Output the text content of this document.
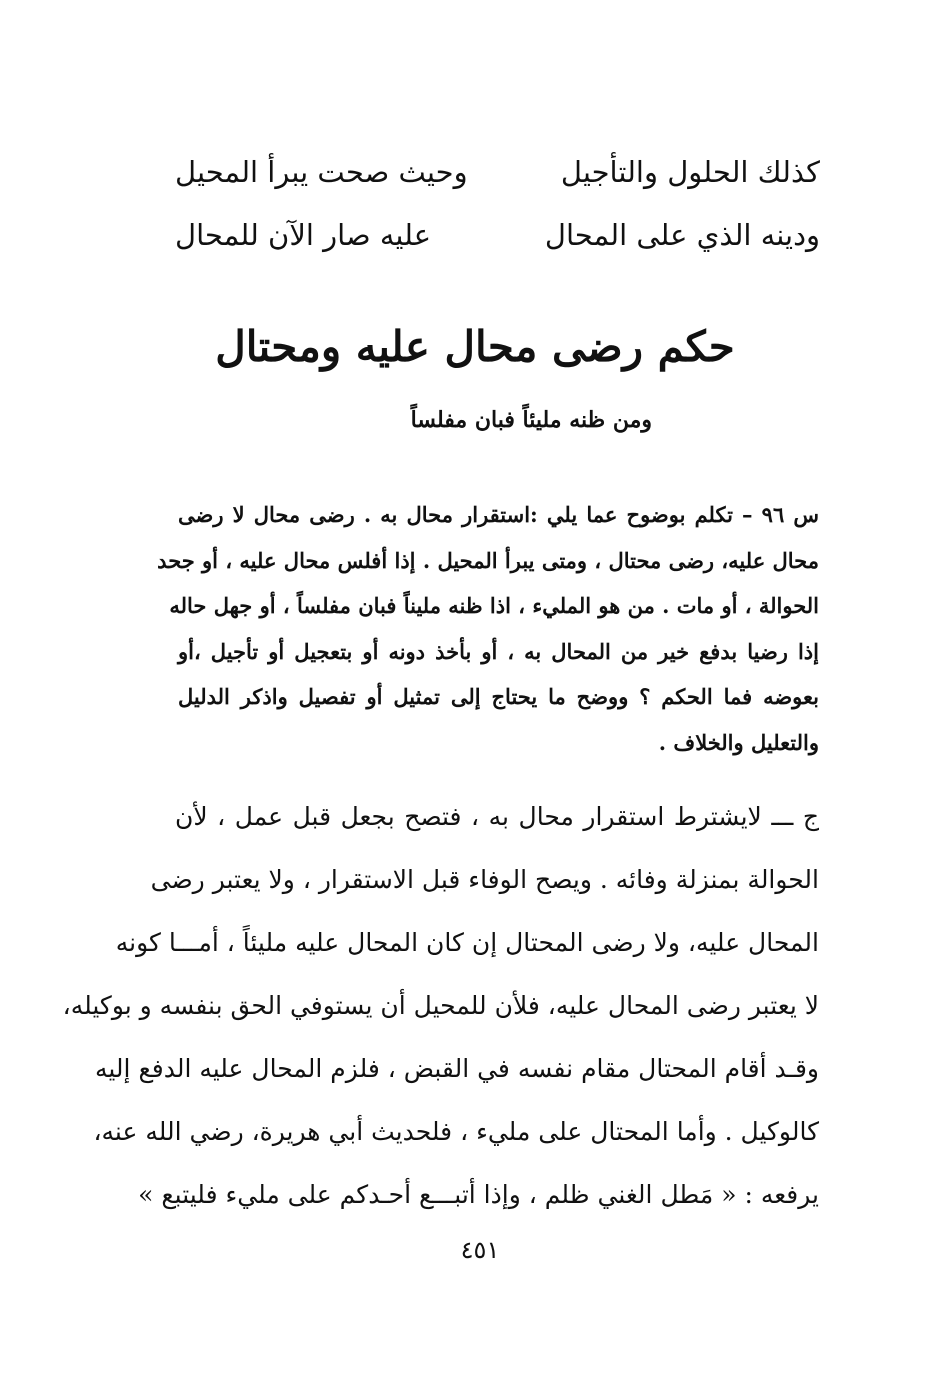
كذلك الحلول والتأجيل
وحيث صحت يبرأ المحيل
ودينه الذي على المحال
عليه صار الآن للمحال
حكم رضى محال عليه ومحتال
ومن ظنه مليئاً فبان مفلساً
س ٩٦ – تكلم بوضوح عما يلي :استقرار محال به . رضى محال لا رضى
محال عليه، رضى محتال ، ومتى يبرأ المحيل . إذا أفلس محال عليه ، أو جحد
الحوالة ، أو مات . من هو المليء ، اذا ظنه مليناً فبان مفلساً ، أو جهل حاله
إذا رضيا بدفع خير من المحال به ، أو بأخذ دونه أو بتعجيل أو تأجيل ،أو
بعوضه فما الحكم ؟ ووضح ما يحتاج إلى تمثيل أو تفصيل واذكر الدليل
والتعليل والخلاف .
ج ـــ لايشترط استقرار محال به ، فتصح بجعل قبل عمل ، لأن
الحوالة بمنزلة وفائه . ويصح الوفاء قبل الاستقرار ، ولا يعتبر رضى
المحال عليه، ولا رضى المحتال إن كان المحال عليه مليئاً ، أمـــا كونه
لا يعتبر رضى المحال عليه، فلأن للمحيل أن يستوفي الحق بنفسه و بوكيله،
وقـد أقام المحتال مقام نفسه في القبض ، فلزم المحال عليه الدفع إليه
كالوكيل . وأما المحتال على مليء ، فلحديث أبي هريرة، رضي الله عنه،
يرفعه : « مَطل الغني ظلم ، وإذا أتبـــع أحـدكم على مليء فليتبع »
٤٥١
